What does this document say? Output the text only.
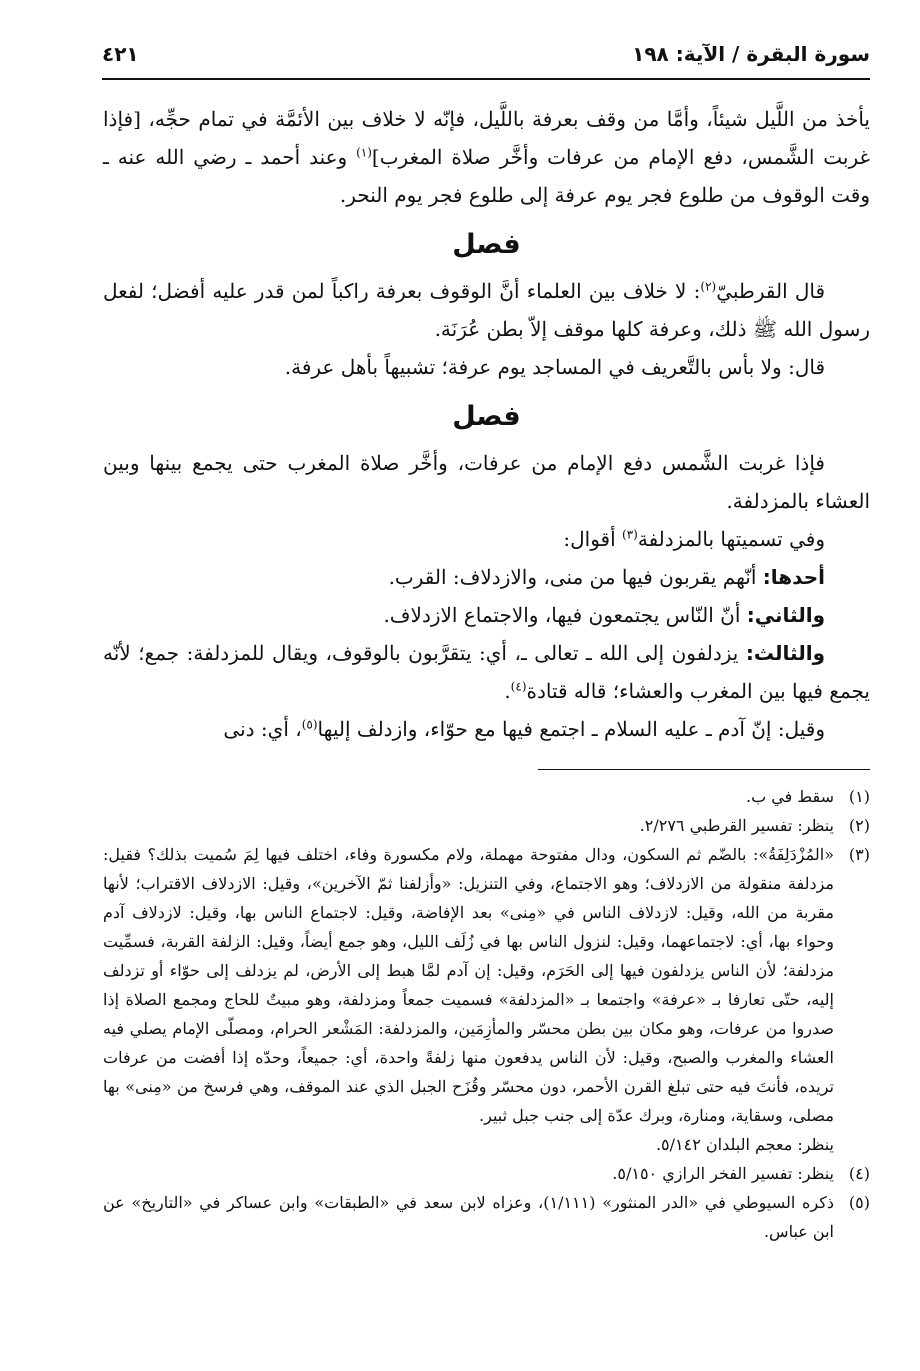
سورة البقرة / الآية: ١٩٨
٤٢١

يأخذ من اللَّيل شيئاً، وأمَّا من وقف بعرفة باللَّيل، فإنّه لا خلاف بين الأئمَّة في تمام حجِّه، [فإذا غربت الشَّمس، دفع الإمام من عرفات وأخَّر صلاة المغرب]$^{(١)}$ وعند أحمد ـ رضي الله عنه ـ وقت الوقوف من طلوع فجر يوم عرفة إلى طلوع فجر يوم النحر.

فصل

قال القرطبيّ$^{(٢)}$: لا خلاف بين العلماء أنَّ الوقوف بعرفة راكباً لمن قدر عليه أفضل؛ لفعل رسول الله ﷺ ذلك، وعرفة كلها موقف إلاّ بطن عُرَنَة.

قال: ولا بأس بالتَّعريف في المساجد يوم عرفة؛ تشبيهاً بأهل عرفة.

فصل

فإذا غربت الشَّمس دفع الإمام من عرفات، وأخَّر صلاة المغرب حتى يجمع بينها وبين العشاء بالمزدلفة.

وفي تسميتها بالمزدلفة$^{(٣)}$ أقوال:

أحدها: أنّهم يقربون فيها من منى، والازدلاف: القرب.

والثاني: أنّ النّاس يجتمعون فيها، والاجتماع الازدلاف.

والثالث: يزدلفون إلى الله ـ تعالى ـ، أي: يتقرَّبون بالوقوف، ويقال للمزدلفة: جمع؛ لأنّه يجمع فيها بين المغرب والعشاء؛ قاله قتادة$^{(٤)}$.

وقيل: إنّ آدم ـ عليه السلام ـ اجتمع فيها مع حوّاء، وازدلف إليها$^{(٥)}$، أي: دنى

(١)
سقط في ب.
(٢)
ينظر: تفسير القرطبي ٢/٢٧٦.
(٣)
«المُزْدَلِفَةُ»: بالضّم ثم السكون، ودال مفتوحة مهملة، ولام مكسورة وفاء، اختلف فيها لِمَ سُميت بذلك؟ فقيل: مزدلفة منقولة من الازدلاف؛ وهو الاجتماع، وفي التنزيل: «وأزلفنا ثمّ الآخرين»، وقيل: الازدلاف الاقتراب؛ لأنها مقربة من الله، وقيل: لازدلاف الناس في «مِنى» بعد الإفاضة، وقيل: لاجتماع الناس بها، وقيل: لازدلاف آدم وحواء بها، أي: لاجتماعهما، وقيل: لنزول الناس بها في زُلَف الليل، وهو جمع أيضاً، وقيل: الزلفة القربة، فسمِّيت مزدلفة؛ لأن الناس يزدلفون فيها إلى الحَرَم، وقيل: إن آدم لمَّا هبط إلى الأرض، لم يزدلف إلى حوّاء أو تزدلف إليه، حتّى تعارفا بـ «عرفة» واجتمعا بـ «المزدلفة» فسميت جمعاً ومزدلفة، وهو مبيتٌ للحاج ومجمع الصلاة إذا صدروا من عرفات، وهو مكان بين بطن محسّر والمأزِمَين، والمزدلفة: المَشْعر الحرام، ومصلّى الإمام يصلي فيه العشاء والمغرب والصبح، وقيل: لأن الناس يدفعون منها زلفةً واحدة، أي: جميعاً، وحدّه إذا أفضت من عرفات تريده، فأنتَ فيه حتى تبلغ القرن الأحمر، دون محسّر وقُزَح الجبل الذي عند الموقف، وهي فرسخ من «مِنى» بها مصلى، وسقاية، ومنارة، وبرك عدّة إلى جنب جبل ثبير.
ينظر: معجم البلدان ٥/١٤٢.
(٤)
ينظر: تفسير الفخر الرازي ٥/١٥٠.
(٥)
ذكره السيوطي في «الدر المنثور» (١/١١١)، وعزاه لابن سعد في «الطبقات» وابن عساكر في «التاريخ» عن ابن عباس.
